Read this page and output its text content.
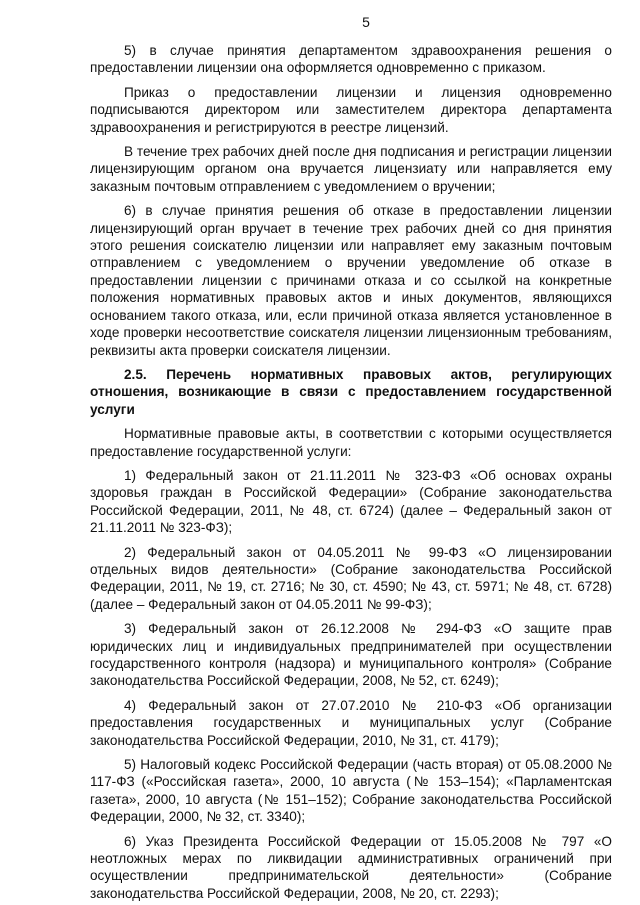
5

5) в случае принятия департаментом здравоохранения решения о предоставлении лицензии она оформляется одновременно с приказом.

Приказ о предоставлении лицензии и лицензия одновременно подписываются директором или заместителем директора департамента здравоохранения и регистрируются в реестре лицензий.

В течение трех рабочих дней после дня подписания и регистрации лицензии лицензирующим органом она вручается лицензиату или направляется ему заказным почтовым отправлением с уведомлением о вручении;

6) в случае принятия решения об отказе в предоставлении лицензии лицензирующий орган вручает в течение трех рабочих дней со дня принятия этого решения соискателю лицензии или направляет ему заказным почтовым отправлением с уведомлением о вручении уведомление об отказе в предоставлении лицензии с причинами отказа и со ссылкой на конкретные положения нормативных правовых актов и иных документов, являющихся основанием такого отказа, или, если причиной отказа является установленное в ходе проверки несоответствие соискателя лицензии лицензионным требованиям, реквизиты акта проверки соискателя лицензии.

2.5. Перечень нормативных правовых актов, регулирующих отношения, возникающие в связи с предоставлением государственной услуги

Нормативные правовые акты, в соответствии с которыми осуществляется предоставление государственной услуги:

1) Федеральный закон от 21.11.2011 № 323-ФЗ «Об основах охраны здоровья граждан в Российской Федерации» (Собрание законодательства Российской Федерации, 2011, № 48, ст. 6724) (далее – Федеральный закон от 21.11.2011 № 323-ФЗ);

2) Федеральный закон от 04.05.2011 № 99-ФЗ «О лицензировании отдельных видов деятельности» (Собрание законодательства Российской Федерации, 2011, № 19, ст. 2716; № 30, ст. 4590; № 43, ст. 5971; № 48, ст. 6728) (далее – Федеральный закон от 04.05.2011 № 99-ФЗ);

3) Федеральный закон от 26.12.2008 № 294-ФЗ «О защите прав юридических лиц и индивидуальных предпринимателей при осуществлении государственного контроля (надзора) и муниципального контроля» (Собрание законодательства Российской Федерации, 2008, № 52, ст. 6249);

4) Федеральный закон от 27.07.2010 № 210-ФЗ «Об организации предоставления государственных и муниципальных услуг (Собрание законодательства Российской Федерации, 2010, № 31, ст. 4179);

5) Налоговый кодекс Российской Федерации (часть вторая) от 05.08.2000 № 117-ФЗ («Российская газета», 2000, 10 августа (№ 153–154); «Парламентская газета», 2000, 10 августа (№ 151–152); Собрание законодательства Российской Федерации, 2000, № 32, ст. 3340);

6) Указ Президента Российской Федерации от 15.05.2008 № 797 «О неотложных мерах по ликвидации административных ограничений при осуществлении предпринимательской деятельности» (Собрание законодательства Российской Федерации, 2008, № 20, ст. 2293);
